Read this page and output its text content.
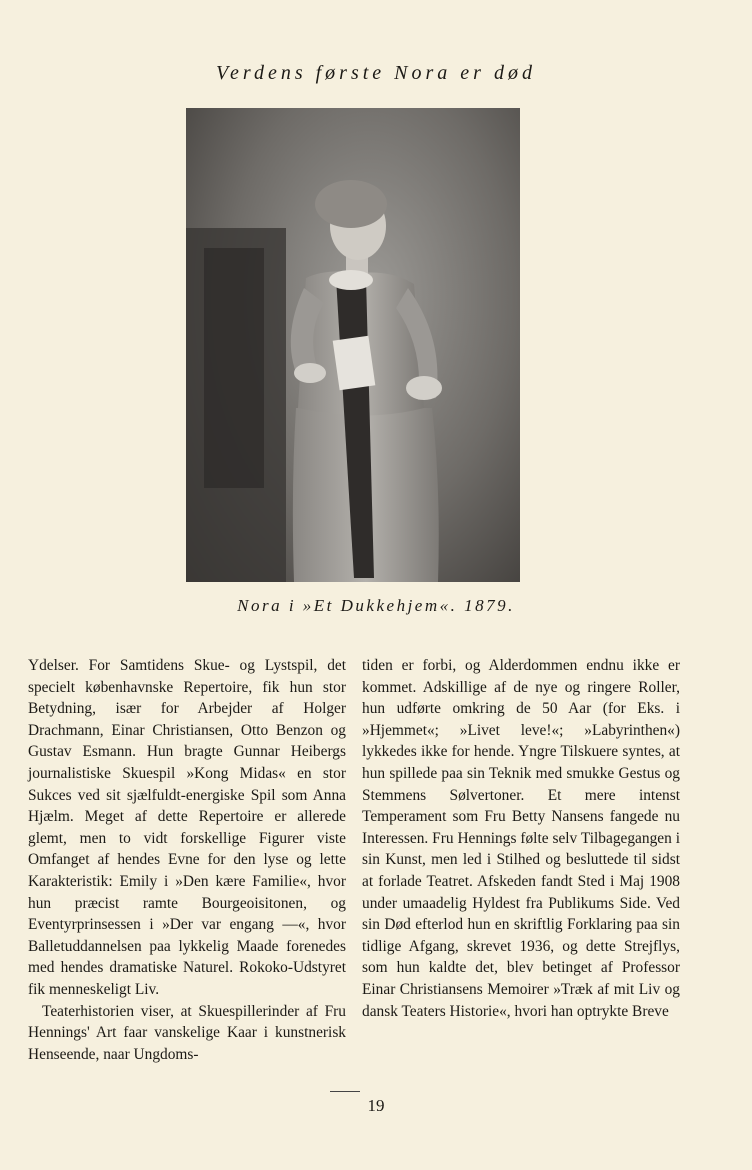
Verdens første Nora er død
Nora i »Et Dukkehjem«. 1879.

Ydelser. For Samtidens Skue- og Lystspil, det specielt københavnske Repertoire, fik hun stor Betydning, især for Arbejder af Holger Drachmann, Einar Christiansen, Otto Benzon og Gustav Esmann. Hun bragte Gunnar Heibergs journalistiske Skuespil »Kong Midas« en stor Sukces ved sit sjælfuldt-energiske Spil som Anna Hjælm. Meget af dette Repertoire er allerede glemt, men to vidt forskellige Figurer viste Omfanget af hendes Evne for den lyse og lette Karakteristik: Emily i »Den kære Familie«, hvor hun præcist ramte Bourgeoisitonen, og Eventyrprinsessen i »Der var engang —«, hvor Balletuddannelsen paa lykkelig Maade forenedes med hendes dramatiske Naturel. Rokoko-Udstyret fik menneskeligt Liv.

Teaterhistorien viser, at Skuespillerinder af Fru Hennings' Art faar vanskelige Kaar i kunstnerisk Henseende, naar Ungdoms-

tiden er forbi, og Alderdommen endnu ikke er kommet. Adskillige af de nye og ringere Roller, hun udførte omkring de 50 Aar (for Eks. i »Hjemmet«; »Livet leve!«; »Labyrinthen«) lykkedes ikke for hende. Yngre Tilskuere syntes, at hun spillede paa sin Teknik med smukke Gestus og Stemmens Sølvertoner. Et mere intenst Temperament som Fru Betty Nansens fangede nu Interessen. Fru Hennings følte selv Tilbagegangen i sin Kunst, men led i Stilhed og besluttede til sidst at forlade Teatret. Afskeden fandt Sted i Maj 1908 under umaadelig Hyldest fra Publikums Side. Ved sin Død efterlod hun en skriftlig Forklaring paa sin tidlige Afgang, skrevet 1936, og dette Strejflys, som hun kaldte det, blev betinget af Professor Einar Christiansens Memoirer »Træk af mit Liv og dansk Teaters Historie«, hvori han optrykte Breve

19
